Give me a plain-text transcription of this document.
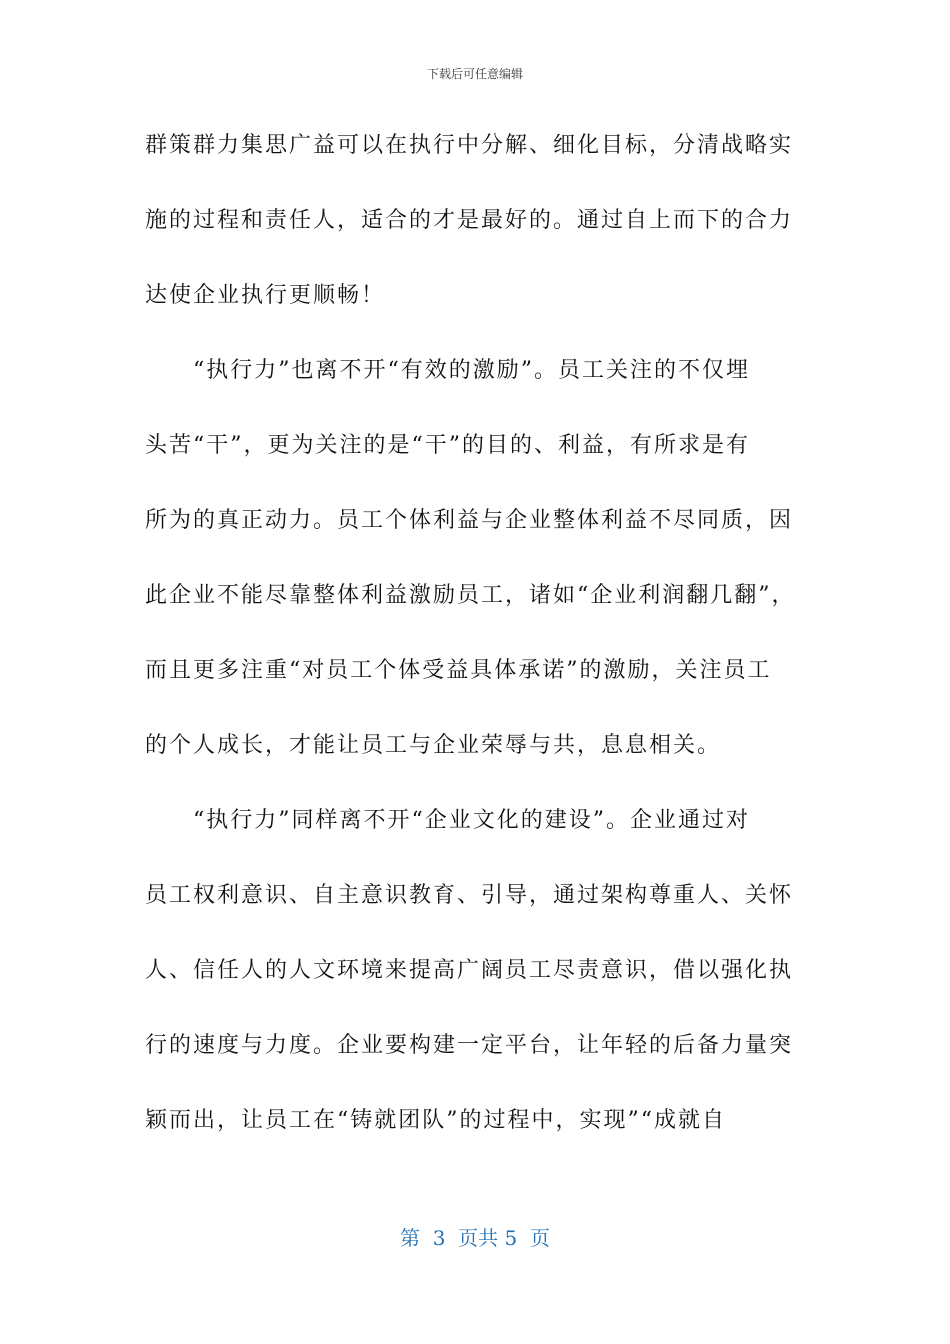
下载后可任意编辑
群策群力集思广益可以在执行中分解、细化目标，分清战略实
施的过程和责任人，适合的才是最好的。通过自上而下的合力
达使企业执行更顺畅！
　　“执行力”也离不开“有效的激励”。员工关注的不仅埋
头苦“干”，更为关注的是“干”的目的、利益，有所求是有
所为的真正动力。员工个体利益与企业整体利益不尽同质，因
此企业不能尽靠整体利益激励员工，诸如“企业利润翻几翻”，
而且更多注重“对员工个体受益具体承诺”的激励，关注员工
的个人成长，才能让员工与企业荣辱与共，息息相关。
　　“执行力”同样离不开“企业文化的建设”。企业通过对
员工权利意识、自主意识教育、引导，通过架构尊重人、关怀
人、信任人的人文环境来提高广阔员工尽责意识，借以强化执
行的速度与力度。企业要构建一定平台，让年轻的后备力量突
颖而出，让员工在“铸就团队”的过程中，实现”“成就自
第  3  页共 5  页
